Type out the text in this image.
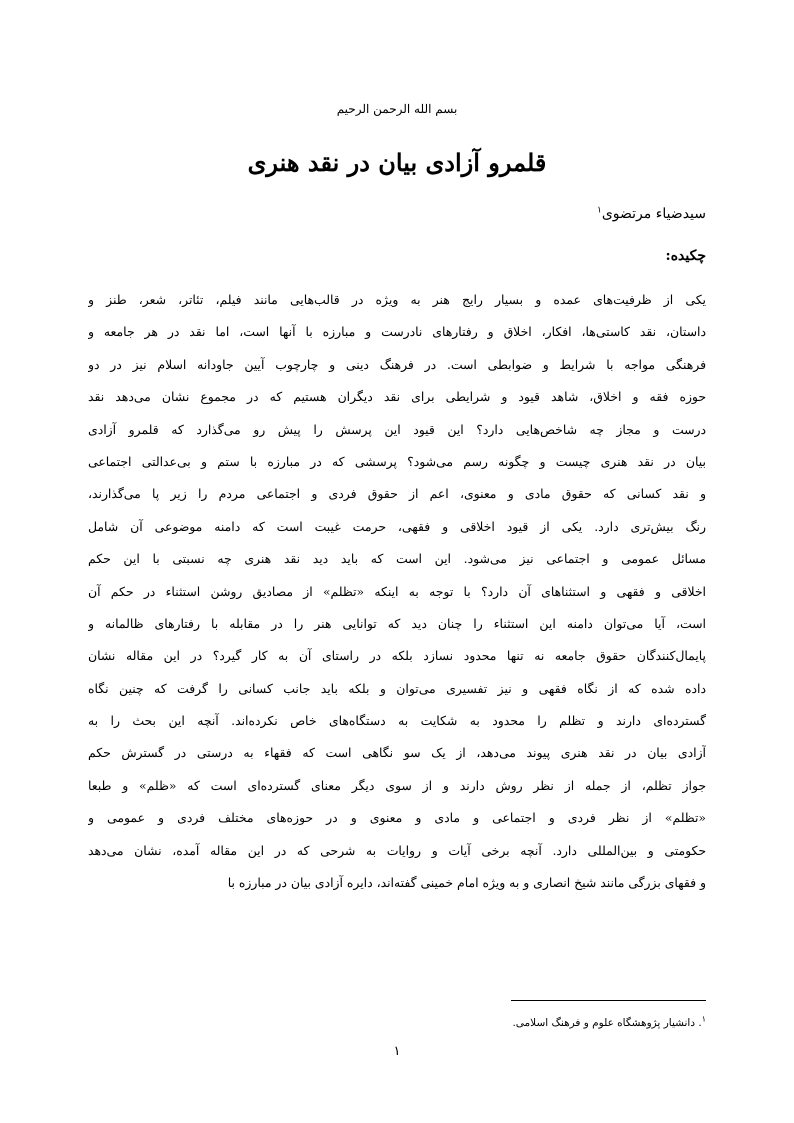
بسم الله الرحمن الرحیم
قلمرو آزادی بیان در نقد هنری
سیدضیاء مرتضوی$^۱$
چکیده:
یکی از ظرفیت‌های عمده و بسیار رایج هنر به ویژه در قالب‌هایی مانند فیلم، تئاتر، شعر، طنز و
داستان، نقد کاستی‌ها، افکار، اخلاق و رفتارهای نادرست و مبارزه با آنها است، اما نقد در هر جامعه و
فرهنگی مواجه با شرایط و ضوابطی است. در فرهنگ دینی و چارچوب آیین جاودانه اسلام نیز در دو
حوزه فقه و اخلاق، شاهد قیود و شرایطی برای نقد دیگران هستیم که در مجموع نشان می‌دهد نقد
درست و مجاز چه شاخص‌هایی دارد؟ این قیود این پرسش را پیش رو می‌گذارد که قلمرو آزادی
بیان در نقد هنری چیست و چگونه رسم می‌شود؟ پرسشی که در مبارزه با ستم و بی‌عدالتی اجتماعی
و نقد کسانی که حقوق مادی و معنوی، اعم از حقوق فردی و اجتماعی مردم را زیر پا می‌گذارند،
رنگ بیش‌تری دارد. یکی از قیود اخلاقی و فقهی، حرمت غیبت است که دامنه موضوعی آن شامل
مسائل عمومی و اجتماعی نیز می‌شود. این است که باید دید نقد هنری چه نسبتی با این حکم
اخلاقی و فقهی و استثناهای آن دارد؟ با توجه به اینکه «تظلم» از مصادیق روشن استثناء در حکم آن
است، آیا می‌توان دامنه این استثناء را چنان دید که توانایی هنر را در مقابله با رفتارهای ظالمانه و
پایمال‌کنندگان حقوق جامعه نه تنها محدود نسازد بلکه در راستای آن به کار گیرد؟ در این مقاله نشان
داده شده که از نگاه فقهی و نیز تفسیری می‌توان و بلکه باید جانب کسانی را گرفت که چنین نگاه
گسترده‌ای دارند و تظلم را محدود به شکایت به دستگاه‌های خاص نکرده‌اند. آنچه این بحث را به
آزادی بیان در نقد هنری پیوند می‌دهد، از یک سو نگاهی است که فقهاء به درستی در گسترش حکم
جواز تظلم، از جمله از نظر روش دارند و از سوی دیگر معنای گسترده‌ای است که «ظلم» و طبعا
«تظلم» از نظر فردی و اجتماعی و مادی و معنوی و در حوزه‌های مختلف فردی و عمومی و
حکومتی و بین‌المللی دارد. آنچه برخی آیات و روایات به شرحی که در این مقاله آمده، نشان می‌دهد
و فقهای بزرگی مانند شیخ انصاری و به ویژه امام خمینی گفته‌اند، دایره آزادی بیان در مبارزه با
$^۱$. دانشیار پژوهشگاه علوم و فرهنگ اسلامی.
۱
